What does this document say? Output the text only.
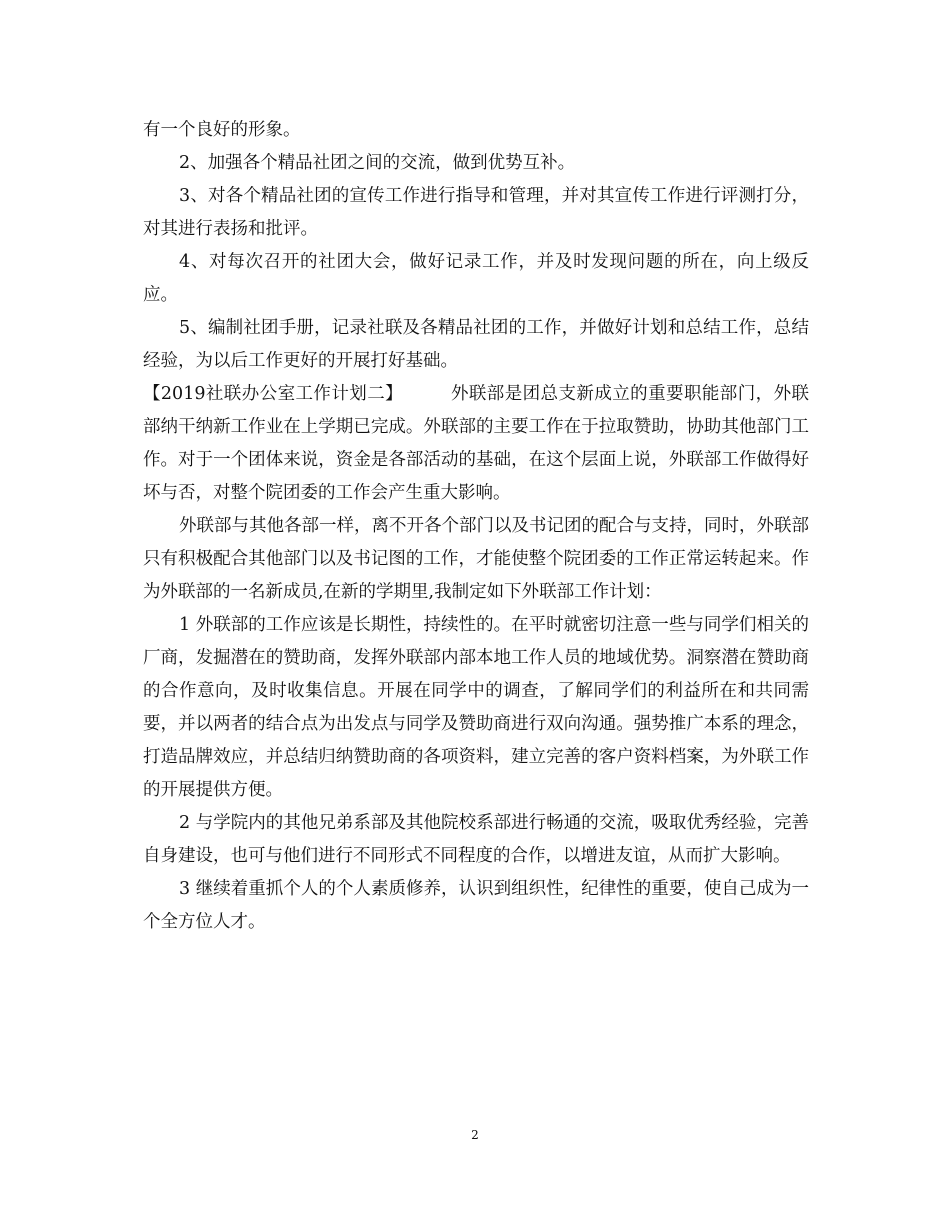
有一个良好的形象。

2、加强各个精品社团之间的交流，做到优势互补。

3、对各个精品社团的宣传工作进行指导和管理，并对其宣传工作进行评测打分，对其进行表扬和批评。

4、对每次召开的社团大会，做好记录工作，并及时发现问题的所在，向上级反应。

5、编制社团手册，记录社联及各精品社团的工作，并做好计划和总结工作，总结经验，为以后工作更好的开展打好基础。

【2019社联办公室工作计划二】        外联部是团总支新成立的重要职能部门，外联部纳干纳新工作业在上学期已完成。外联部的主要工作在于拉取赞助，协助其他部门工作。对于一个团体来说，资金是各部活动的基础，在这个层面上说，外联部工作做得好坏与否，对整个院团委的工作会产生重大影响。

外联部与其他各部一样，离不开各个部门以及书记团的配合与支持，同时，外联部只有积极配合其他部门以及书记图的工作，才能使整个院团委的工作正常运转起来。作为外联部的一名新成员,在新的学期里,我制定如下外联部工作计划：

1 外联部的工作应该是长期性，持续性的。在平时就密切注意一些与同学们相关的厂商，发掘潜在的赞助商，发挥外联部内部本地工作人员的地域优势。洞察潜在赞助商的合作意向，及时收集信息。开展在同学中的调查，了解同学们的利益所在和共同需要，并以两者的结合点为出发点与同学及赞助商进行双向沟通。强势推广本系的理念，打造品牌效应，并总结归纳赞助商的各项资料，建立完善的客户资料档案，为外联工作的开展提供方便。

2 与学院内的其他兄弟系部及其他院校系部进行畅通的交流，吸取优秀经验，完善自身建设，也可与他们进行不同形式不同程度的合作，以增进友谊，从而扩大影响。

3 继续着重抓个人的个人素质修养，认识到组织性，纪律性的重要，使自己成为一个全方位人才。

2
